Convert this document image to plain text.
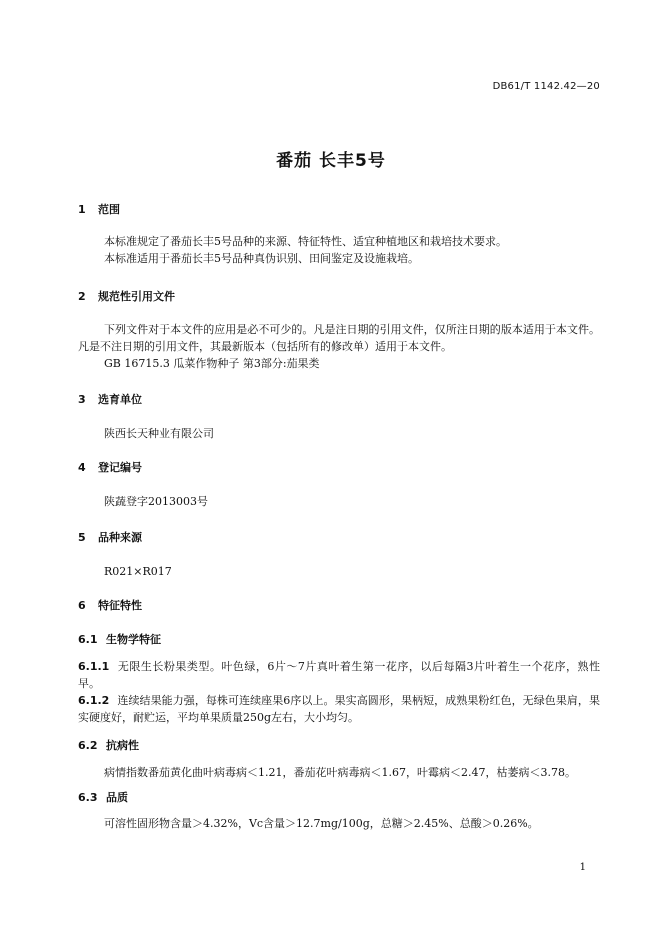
DB61/T 1142.42—20
番茄 长丰5号
1 范围
本标准规定了番茄长丰5号品种的来源、特征特性、适宜种植地区和栽培技术要求。
本标准适用于番茄长丰5号品种真伪识别、田间鉴定及设施栽培。
2 规范性引用文件
下列文件对于本文件的应用是必不可少的。凡是注日期的引用文件，仅所注日期的版本适用于本文件。凡是不注日期的引用文件，其最新版本（包括所有的修改单）适用于本文件。
GB 16715.3 瓜菜作物种子 第3部分:茄果类
3 选育单位
陕西长天种业有限公司
4 登记编号
陕蔬登字2013003号
5 品种来源
R021×R017
6 特征特性
6.1 生物学特征
6.1.1 无限生长粉果类型。叶色绿，6片～7片真叶着生第一花序，以后每隔3片叶着生一个花序，熟性早。
6.1.2 连续结果能力强，每株可连续座果6序以上。果实高圆形，果柄短，成熟果粉红色，无绿色果肩，果实硬度好，耐贮运，平均单果质量250g左右，大小均匀。
6.2 抗病性
病情指数番茄黄化曲叶病毒病＜1.21，番茄花叶病毒病＜1.67，叶霉病＜2.47，枯萎病＜3.78。
6.3 品质
可溶性固形物含量＞4.32%，Vc含量＞12.7mg/100g，总糖＞2.45%、总酸＞0.26%。
1
